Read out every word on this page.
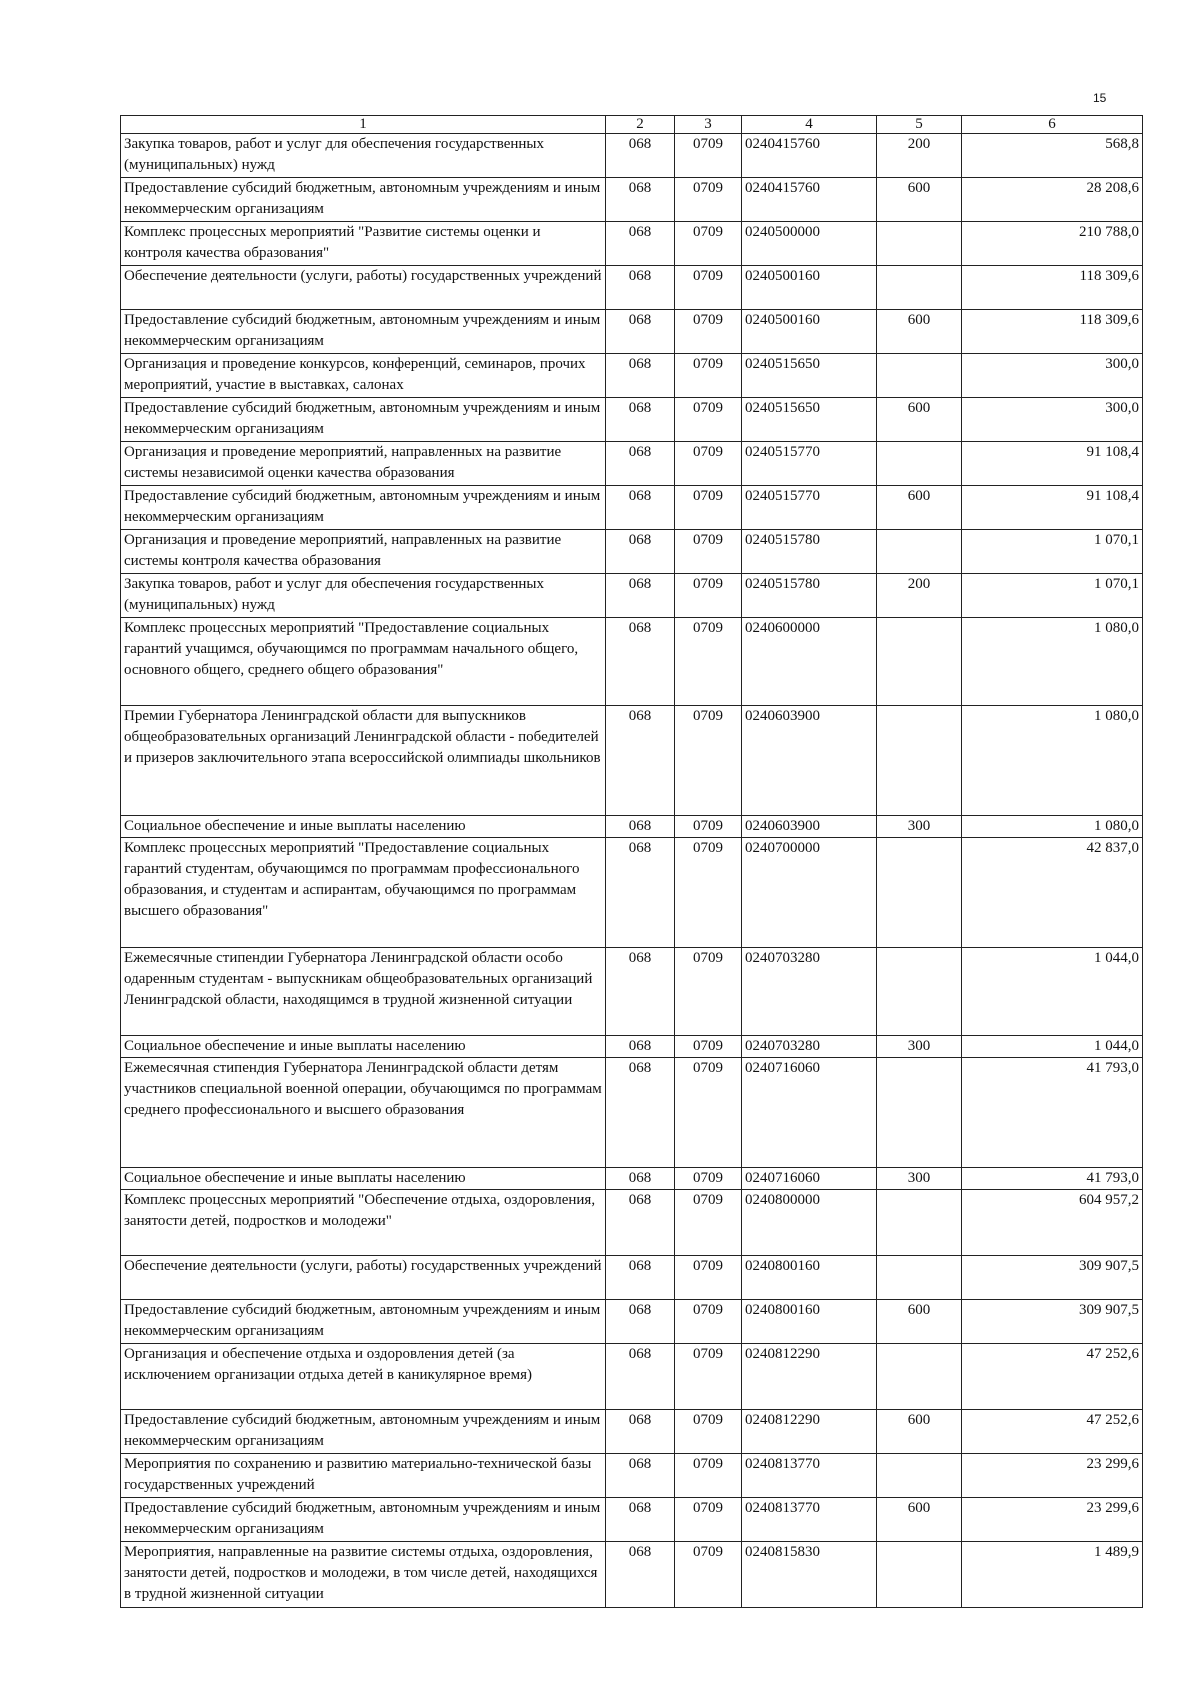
15
1	2	3	4	5	6
Закупка товаров, работ и услуг для обеспечения государственных (муниципальных) нужд	068	0709	0240415760	200	568,8
Предоставление субсидий бюджетным, автономным учреждениям и иным некоммерческим организациям	068	0709	0240415760	600	28 208,6
Комплекс процессных мероприятий "Развитие системы оценки и контроля качества образования"	068	0709	0240500000		210 788,0
Обеспечение деятельности (услуги, работы) государственных учреждений	068	0709	0240500160		118 309,6
Предоставление субсидий бюджетным, автономным учреждениям и иным некоммерческим организациям	068	0709	0240500160	600	118 309,6
Организация и проведение конкурсов, конференций, семинаров, прочих мероприятий, участие в выставках, салонах	068	0709	0240515650		300,0
Предоставление субсидий бюджетным, автономным учреждениям и иным некоммерческим организациям	068	0709	0240515650	600	300,0
Организация и проведение мероприятий, направленных на развитие системы независимой оценки качества образования	068	0709	0240515770		91 108,4
Предоставление субсидий бюджетным, автономным учреждениям и иным некоммерческим организациям	068	0709	0240515770	600	91 108,4
Организация и проведение мероприятий, направленных на развитие системы контроля качества образования	068	0709	0240515780		1 070,1
Закупка товаров, работ и услуг для обеспечения государственных (муниципальных) нужд	068	0709	0240515780	200	1 070,1
Комплекс процессных мероприятий "Предоставление социальных гарантий учащимся, обучающимся по программам начального общего, основного общего, среднего общего образования"	068	0709	0240600000		1 080,0
Премии Губернатора Ленинградской области для выпускников общеобразовательных организаций Ленинградской области - победителей и призеров заключительного этапа всероссийской олимпиады школьников	068	0709	0240603900		1 080,0
Социальное обеспечение и иные выплаты населению	068	0709	0240603900	300	1 080,0
Комплекс процессных мероприятий "Предоставление социальных гарантий студентам, обучающимся по программам профессионального образования, и студентам и аспирантам, обучающимся по программам высшего образования"	068	0709	0240700000		42 837,0
Ежемесячные стипендии Губернатора Ленинградской области особо одаренным студентам - выпускникам общеобразовательных организаций Ленинградской области, находящимся в трудной жизненной ситуации	068	0709	0240703280		1 044,0
Социальное обеспечение и иные выплаты населению	068	0709	0240703280	300	1 044,0
Ежемесячная стипендия Губернатора Ленинградской области детям участников специальной военной операции, обучающимся по программам среднего профессионального и высшего образования	068	0709	0240716060		41 793,0
Социальное обеспечение и иные выплаты населению	068	0709	0240716060	300	41 793,0
Комплекс процессных мероприятий "Обеспечение отдыха, оздоровления, занятости детей, подростков и молодежи"	068	0709	0240800000		604 957,2
Обеспечение деятельности (услуги, работы) государственных учреждений	068	0709	0240800160		309 907,5
Предоставление субсидий бюджетным, автономным учреждениям и иным некоммерческим организациям	068	0709	0240800160	600	309 907,5
Организация и обеспечение отдыха и оздоровления детей (за исключением организации отдыха детей в каникулярное время)	068	0709	0240812290		47 252,6
Предоставление субсидий бюджетным, автономным учреждениям и иным некоммерческим организациям	068	0709	0240812290	600	47 252,6
Мероприятия по сохранению и развитию материально-технической базы государственных учреждений	068	0709	0240813770		23 299,6
Предоставление субсидий бюджетным, автономным учреждениям и иным некоммерческим организациям	068	0709	0240813770	600	23 299,6
Мероприятия, направленные на развитие системы отдыха, оздоровления, занятости детей, подростков и молодежи, в том числе детей, находящихся в трудной жизненной ситуации	068	0709	0240815830		1 489,9
